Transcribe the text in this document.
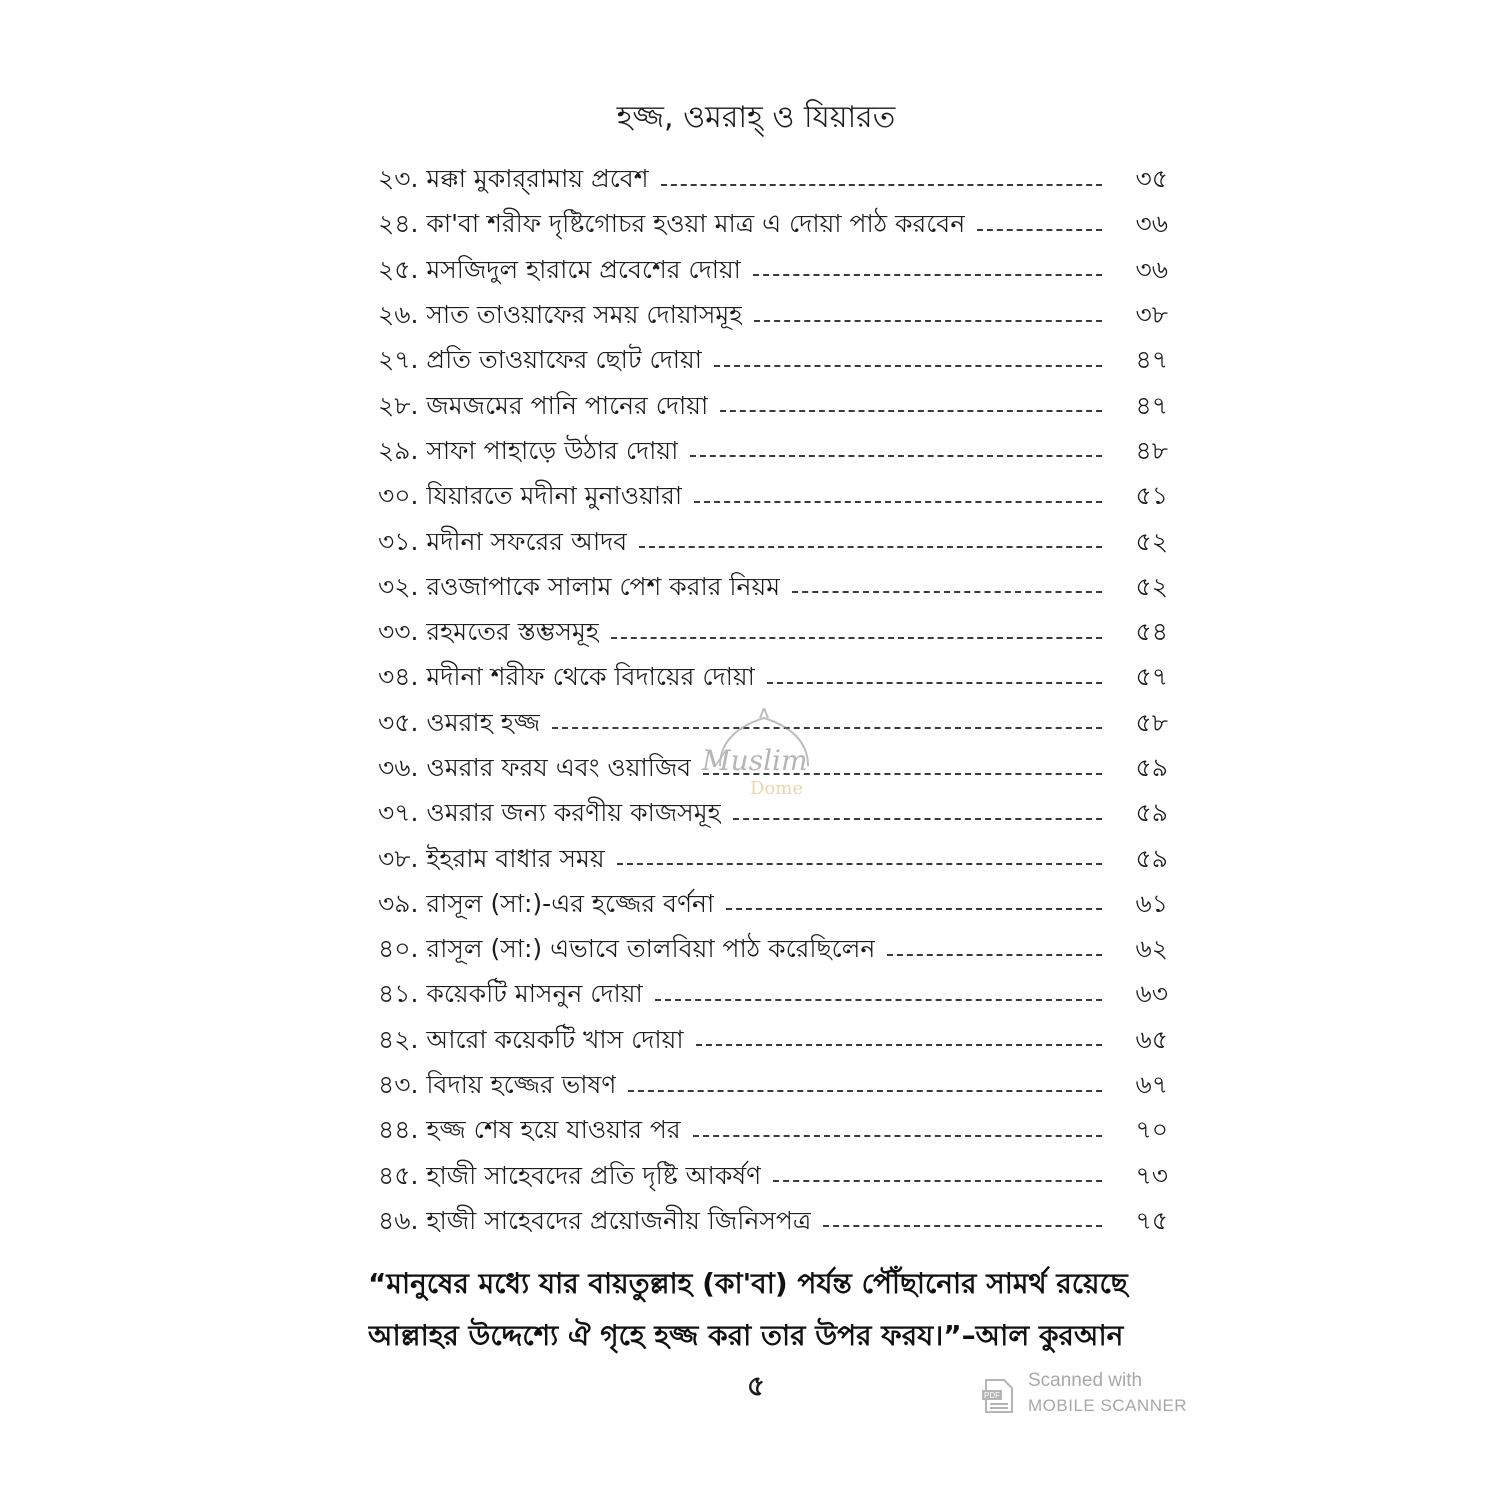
হজ্জ, ওমরাহ্ ও যিয়ারত
২৩. মক্কা মুকার্‌রামায় প্রবেশ	৩৫
২৪. কা'বা শরীফ দৃষ্টিগোচর হওয়া মাত্র এ দোয়া পাঠ করবেন	৩৬
২৫. মসজিদুল হারামে প্রবেশের দোয়া	৩৬
২৬. সাত তাওয়াফের সময় দোয়াসমূহ	৩৮
২৭. প্রতি তাওয়াফের ছোট দোয়া	৪৭
২৮. জমজমের পানি পানের দোয়া	৪৭
২৯. সাফা পাহাড়ে উঠার দোয়া	৪৮
৩০. যিয়ারতে মদীনা মুনাওয়ারা	৫১
৩১. মদীনা সফরের আদব	৫২
৩২. রওজাপাকে সালাম পেশ করার নিয়ম	৫২
৩৩. রহমতের স্তম্ভসমূহ	৫৪
৩৪. মদীনা শরীফ থেকে বিদায়ের দোয়া	৫৭
৩৫. ওমরাহ হজ্জ	৫৮
৩৬. ওমরার ফরয এবং ওয়াজিব	৫৯
৩৭. ওমরার জন্য করণীয় কাজসমূহ	৫৯
৩৮. ইহরাম বাধার সময়	৫৯
৩৯. রাসূল (সা:)-এর হজ্জের বর্ণনা	৬১
৪০. রাসূল (সা:) এভাবে তালবিয়া পাঠ করেছিলেন	৬২
৪১. কয়েকটি মাসনুন দোয়া	৬৩
৪২. আরো কয়েকটি খাস দোয়া	৬৫
৪৩. বিদায় হজ্জের ভাষণ	৬৭
৪৪. হজ্জ শেষ হয়ে যাওয়ার পর	৭০
৪৫. হাজী সাহেবদের প্রতি দৃষ্টি আকর্ষণ	৭৩
৪৬. হাজী সাহেবদের প্রয়োজনীয় জিনিসপত্র	৭৫
Muslim
Dome
“মানুষের মধ্যে যার বায়তুল্লাহ (কা'বা) পর্যন্ত পৌঁছানোর সামর্থ রয়েছে
আল্লাহর উদ্দেশ্যে ঐ গৃহে হজ্জ করা তার উপর ফরয।”–আল কুরআন
৫	PDF
Scanned with
MOBILE SCANNER
